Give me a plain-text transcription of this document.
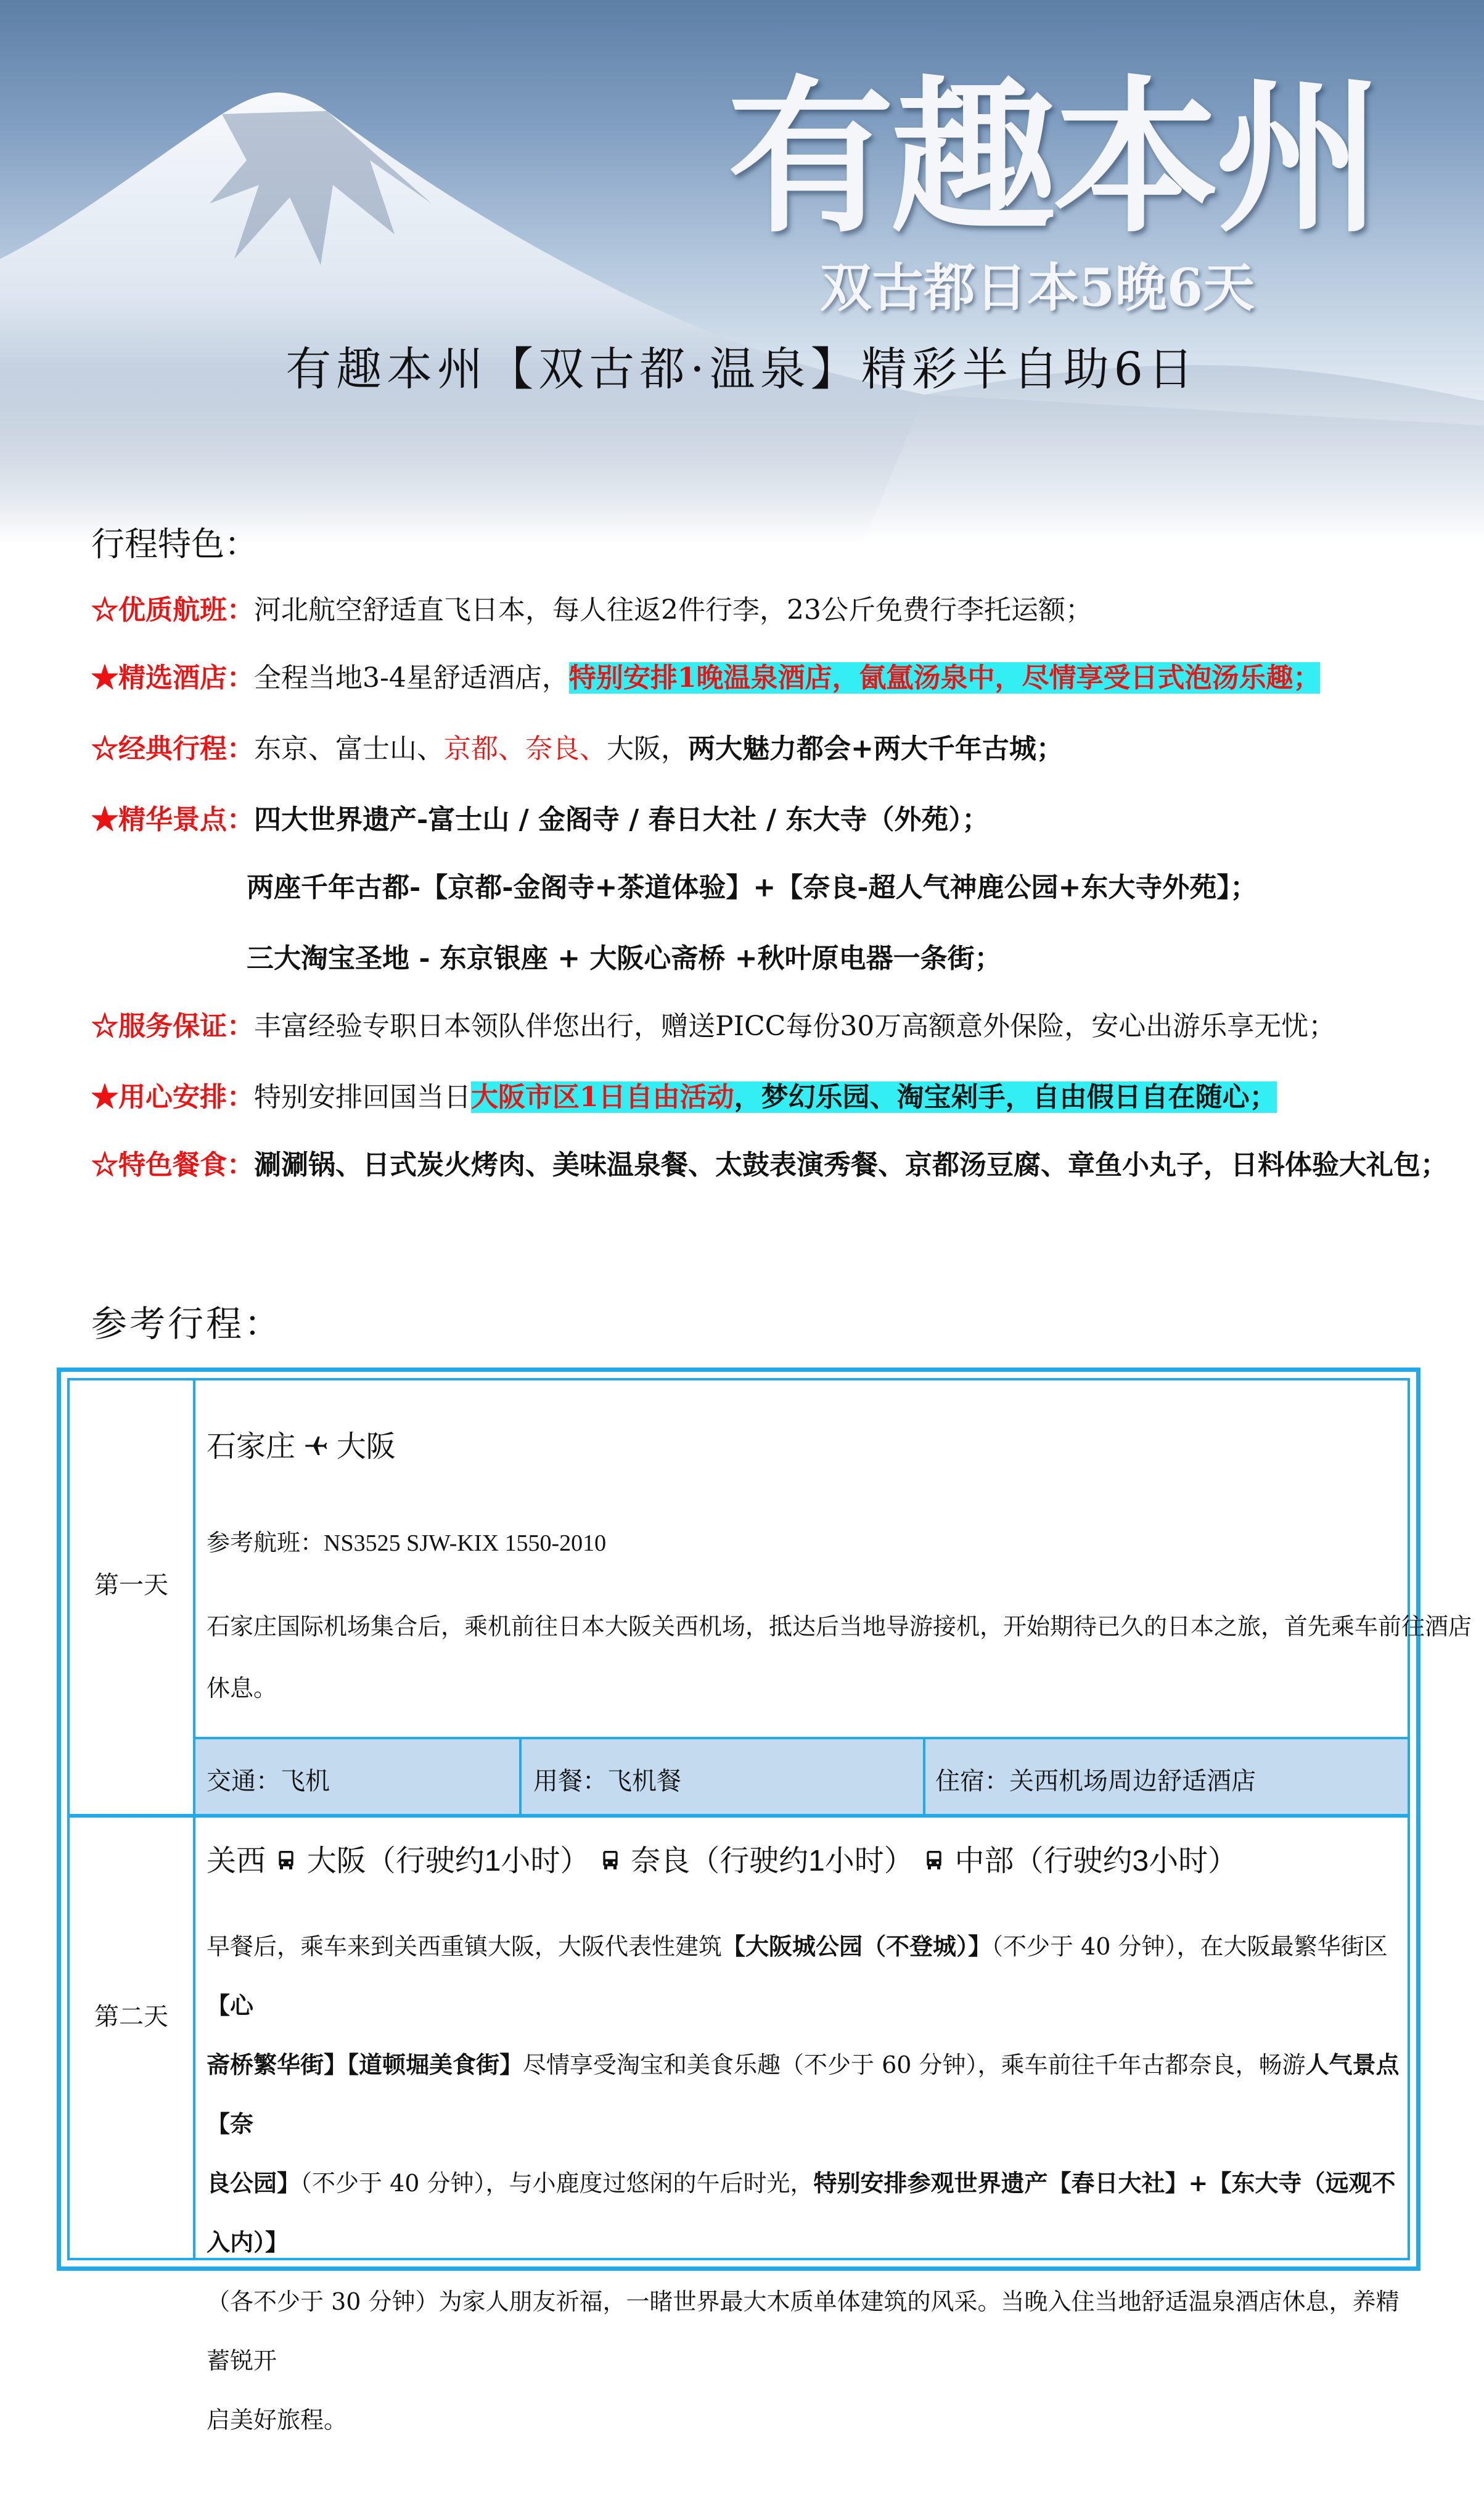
有趣本州
双古都日本5晚6天
有趣本州【双古都·温泉】精彩半自助6日
行程特色：
☆优质航班：河北航空舒适直飞日本，每人往返2件行李，23公斤免费行李托运额；
★精选酒店：全程当地3-4星舒适酒店，特别安排1晚温泉酒店，氤氲汤泉中，尽情享受日式泡汤乐趣；
☆经典行程：东京、富士山、京都、奈良、大阪，两大魅力都会+两大千年古城；
★精华景点：四大世界遗产-富士山 / 金阁寺 / 春日大社 / 东大寺（外苑）；
两座千年古都-【京都-金阁寺+茶道体验】+【奈良-超人气神鹿公园+东大寺外苑】；
三大淘宝圣地 - 东京银座 + 大阪心斋桥 +秋叶原电器一条街；
☆服务保证：丰富经验专职日本领队伴您出行，赠送PICC每份30万高额意外保险，安心出游乐享无忧；
★用心安排：特别安排回国当日大阪市区1日自由活动，梦幻乐园、淘宝剁手，自由假日自在随心；
☆特色餐食：涮涮锅、日式炭火烤肉、美味温泉餐、太鼓表演秀餐、京都汤豆腐、章鱼小丸子，日料体验大礼包；
参考行程：
第一天
石家庄 大阪
参考航班：NS3525 SJW-KIX 1550-2010
石家庄国际机场集合后，乘机前往日本大阪关西机场，抵达后当地导游接机，开始期待已久的日本之旅，首先乘车前往酒店
休息。
交通：飞机	用餐：飞机餐	住宿：关西机场周边舒适酒店
第二天
关西 大阪（行驶约1小时） 奈良（行驶约1小时） 中部（行驶约3小时）
早餐后，乘车来到关西重镇大阪，大阪代表性建筑【大阪城公园（不登城）】（不少于 40 分钟），在大阪最繁华街区【心
斋桥繁华街】【道顿堀美食街】尽情享受淘宝和美食乐趣（不少于 60 分钟），乘车前往千年古都奈良，畅游人气景点【奈
良公园】（不少于 40 分钟），与小鹿度过悠闲的午后时光，特别安排参观世界遗产【春日大社】+【东大寺（远观不入内）】
（各不少于 30 分钟）为家人朋友祈福，一睹世界最大木质单体建筑的风采。当晚入住当地舒适温泉酒店休息，养精蓄锐开
启美好旅程。
